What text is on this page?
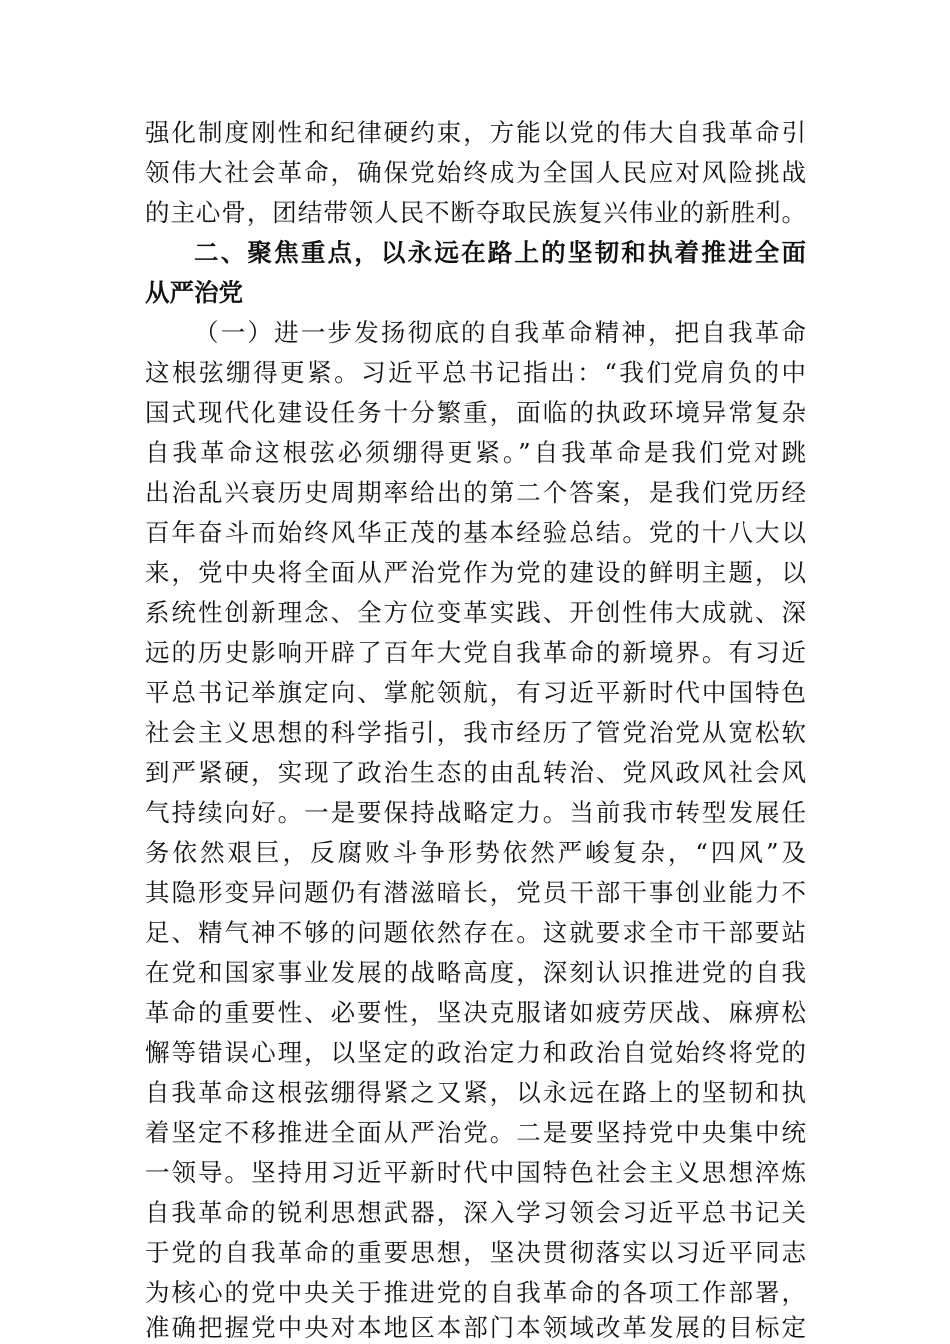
强化制度刚性和纪律硬约束，方能以党的伟大自我革命引
领伟大社会革命，确保党始终成为全国人民应对风险挑战
的主心骨，团结带领人民不断夺取民族复兴伟业的新胜利。
二、聚焦重点，以永远在路上的坚韧和执着推进全面
从严治党
（一）进一步发扬彻底的自我革命精神，把自我革命
这根弦绷得更紧。习近平总书记指出：“我们党肩负的中
国式现代化建设任务十分繁重，面临的执政环境异常复杂
自我革命这根弦必须绷得更紧。”自我革命是我们党对跳
出治乱兴衰历史周期率给出的第二个答案，是我们党历经
百年奋斗而始终风华正茂的基本经验总结。党的十八大以
来，党中央将全面从严治党作为党的建设的鲜明主题，以
系统性创新理念、全方位变革实践、开创性伟大成就、深
远的历史影响开辟了百年大党自我革命的新境界。有习近
平总书记举旗定向、掌舵领航，有习近平新时代中国特色
社会主义思想的科学指引，我市经历了管党治党从宽松软
到严紧硬，实现了政治生态的由乱转治、党风政风社会风
气持续向好。一是要保持战略定力。当前我市转型发展任
务依然艰巨，反腐败斗争形势依然严峻复杂，“四风”及
其隐形变异问题仍有潜滋暗长，党员干部干事创业能力不
足、精气神不够的问题依然存在。这就要求全市干部要站
在党和国家事业发展的战略高度，深刻认识推进党的自我
革命的重要性、必要性，坚决克服诸如疲劳厌战、麻痹松
懈等错误心理，以坚定的政治定力和政治自觉始终将党的
自我革命这根弦绷得紧之又紧，以永远在路上的坚韧和执
着坚定不移推进全面从严治党。二是要坚持党中央集中统
一领导。坚持用习近平新时代中国特色社会主义思想淬炼
自我革命的锐利思想武器，深入学习领会习近平总书记关
于党的自我革命的重要思想，坚决贯彻落实以习近平同志
为核心的党中央关于推进党的自我革命的各项工作部署，
准确把握党中央对本地区本部门本领域改革发展的目标定
